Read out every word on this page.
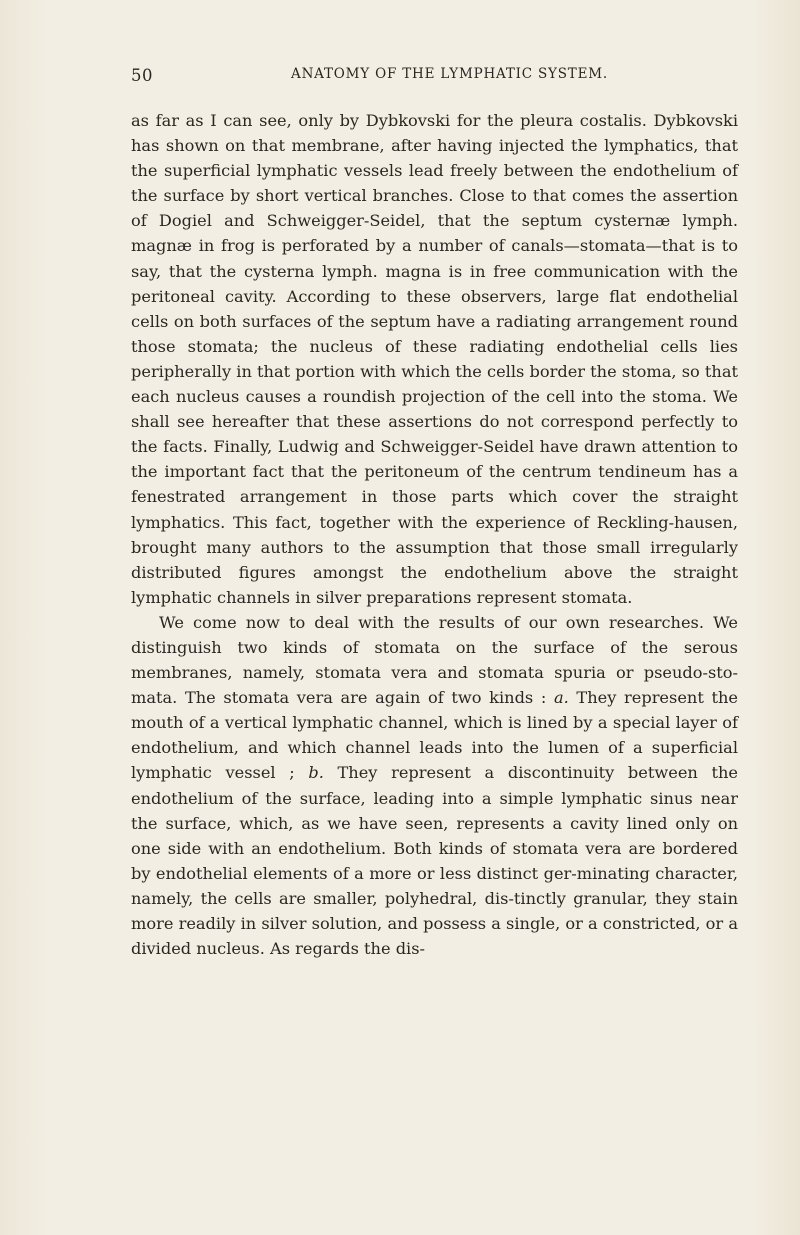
50	ANATOMY OF THE LYMPHATIC SYSTEM.

as far as I can see, only by Dybkovski for the pleura costalis. Dybkovski has shown on that membrane, after having injected the lymphatics, that the superficial lymphatic vessels lead freely between the endothelium of the surface by short vertical branches. Close to that comes the assertion of Dogiel and Schweigger-Seidel, that the septum cysternæ lymph. magnæ in frog is perforated by a number of canals—stomata—that is to say, that the cysterna lymph. magna is in free communication with the peritoneal cavity. According to these observers, large flat endothelial cells on both surfaces of the septum have a radiating arrangement round those stomata; the nucleus of these radiating endothelial cells lies peripherally in that portion with which the cells border the stoma, so that each nucleus causes a roundish projection of the cell into the stoma. We shall see hereafter that these assertions do not correspond perfectly to the facts. Finally, Ludwig and Schweigger-Seidel have drawn attention to the important fact that the peritoneum of the centrum tendineum has a fenestrated arrangement in those parts which cover the straight lymphatics. This fact, together with the experience of Reckling-hausen, brought many authors to the assumption that those small irregularly distributed figures amongst the endothelium above the straight lymphatic channels in silver preparations represent stomata.

We come now to deal with the results of our own researches. We distinguish two kinds of stomata on the surface of the serous membranes, namely, stomata vera and stomata spuria or pseudo-sto-mata. The stomata vera are again of two kinds : a. They represent the mouth of a vertical lymphatic channel, which is lined by a special layer of endothelium, and which channel leads into the lumen of a superficial lymphatic vessel ; b. They represent a discontinuity between the endothelium of the surface, leading into a simple lymphatic sinus near the surface, which, as we have seen, represents a cavity lined only on one side with an endothelium. Both kinds of stomata vera are bordered by endothelial elements of a more or less distinct ger-minating character, namely, the cells are smaller, polyhedral, dis-tinctly granular, they stain more readily in silver solution, and possess a single, or a constricted, or a divided nucleus. As regards the dis-
